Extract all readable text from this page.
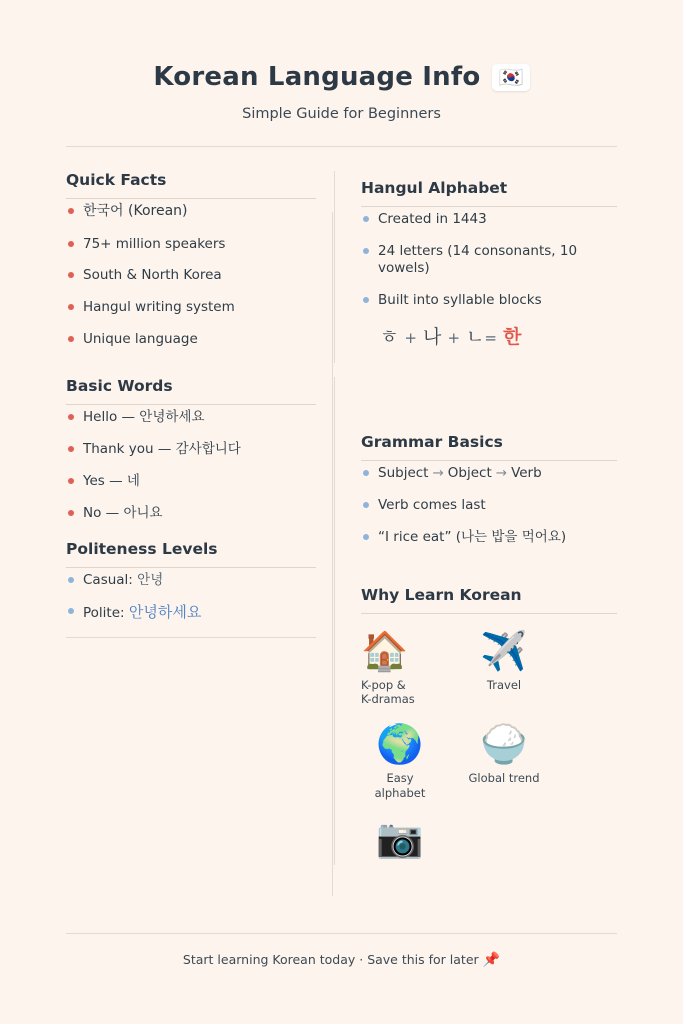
Korean Language Info 🇰🇷
Simple Guide for Beginners
Quick Facts
한국어 (Korean)
75+ million speakers
South & North Korea
Hangul writing system
Unique language
Hangul Alphabet
Created in 1443
24 letters (14 consonants, 10 vowels)
Built into syllable blocks
ㅎ + 나 + ㄴ= 한
Basic Words
Hello — 안녕하세요
Thank you — 감사합니다
Yes — 네
No — 아니요
Politeness Levels
Casual: 안녕
Polite: 안녕하세요
Grammar Basics
Subject → Object → Verb
Verb comes last
“I rice eat” (나는 밥을 먹어요)
Why Learn Korean
🏠
K-pop &
K-dramas
✈️
Travel
🌍
Easy alphabet
🍚
Global trend
📷
Start learning Korean today · Save this for later 📌
